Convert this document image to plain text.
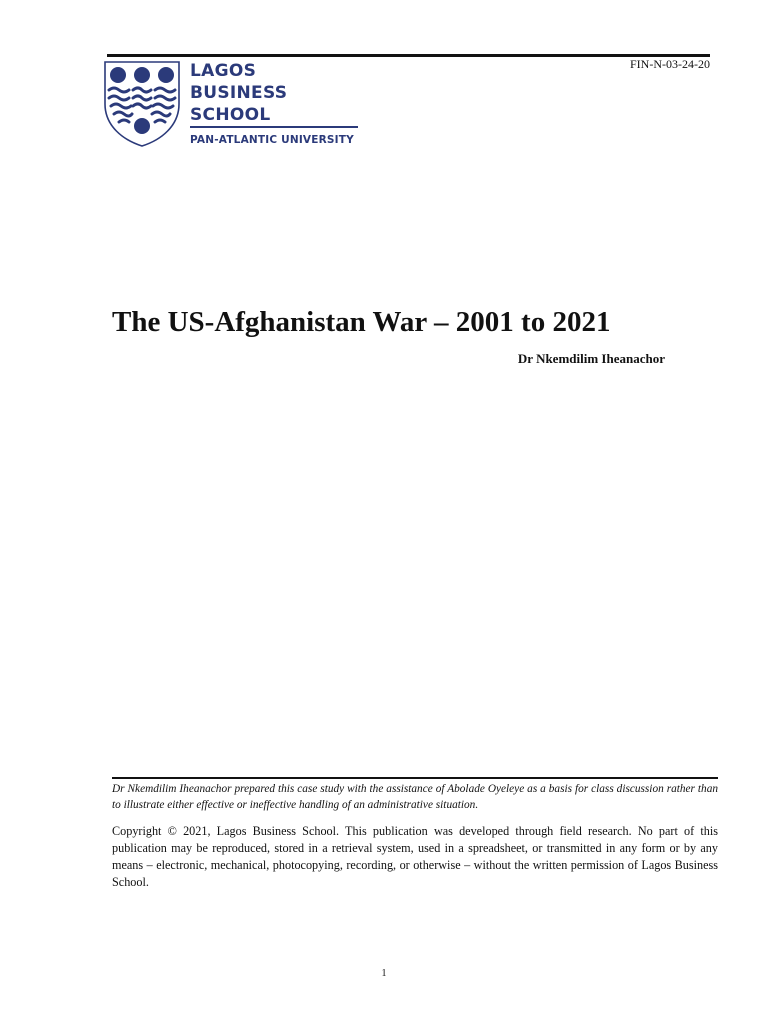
FIN-N-03-24-20
LAGOS
BUSINESS
SCHOOL
PAN-ATLANTIC UNIVERSITY
The US-Afghanistan War – 2001 to 2021
Dr Nkemdilim Iheanachor

Dr Nkemdilim Iheanachor prepared this case study with the assistance of Abolade Oyeleye as a basis for class discussion rather than to illustrate either effective or ineffective handling of an administrative situation.

Copyright © 2021, Lagos Business School. This publication was developed through field research. No part of this publication may be reproduced, stored in a retrieval system, used in a spreadsheet, or transmitted in any form or by any means – electronic, mechanical, photocopying, recording, or otherwise – without the written permission of Lagos Business School.

1
